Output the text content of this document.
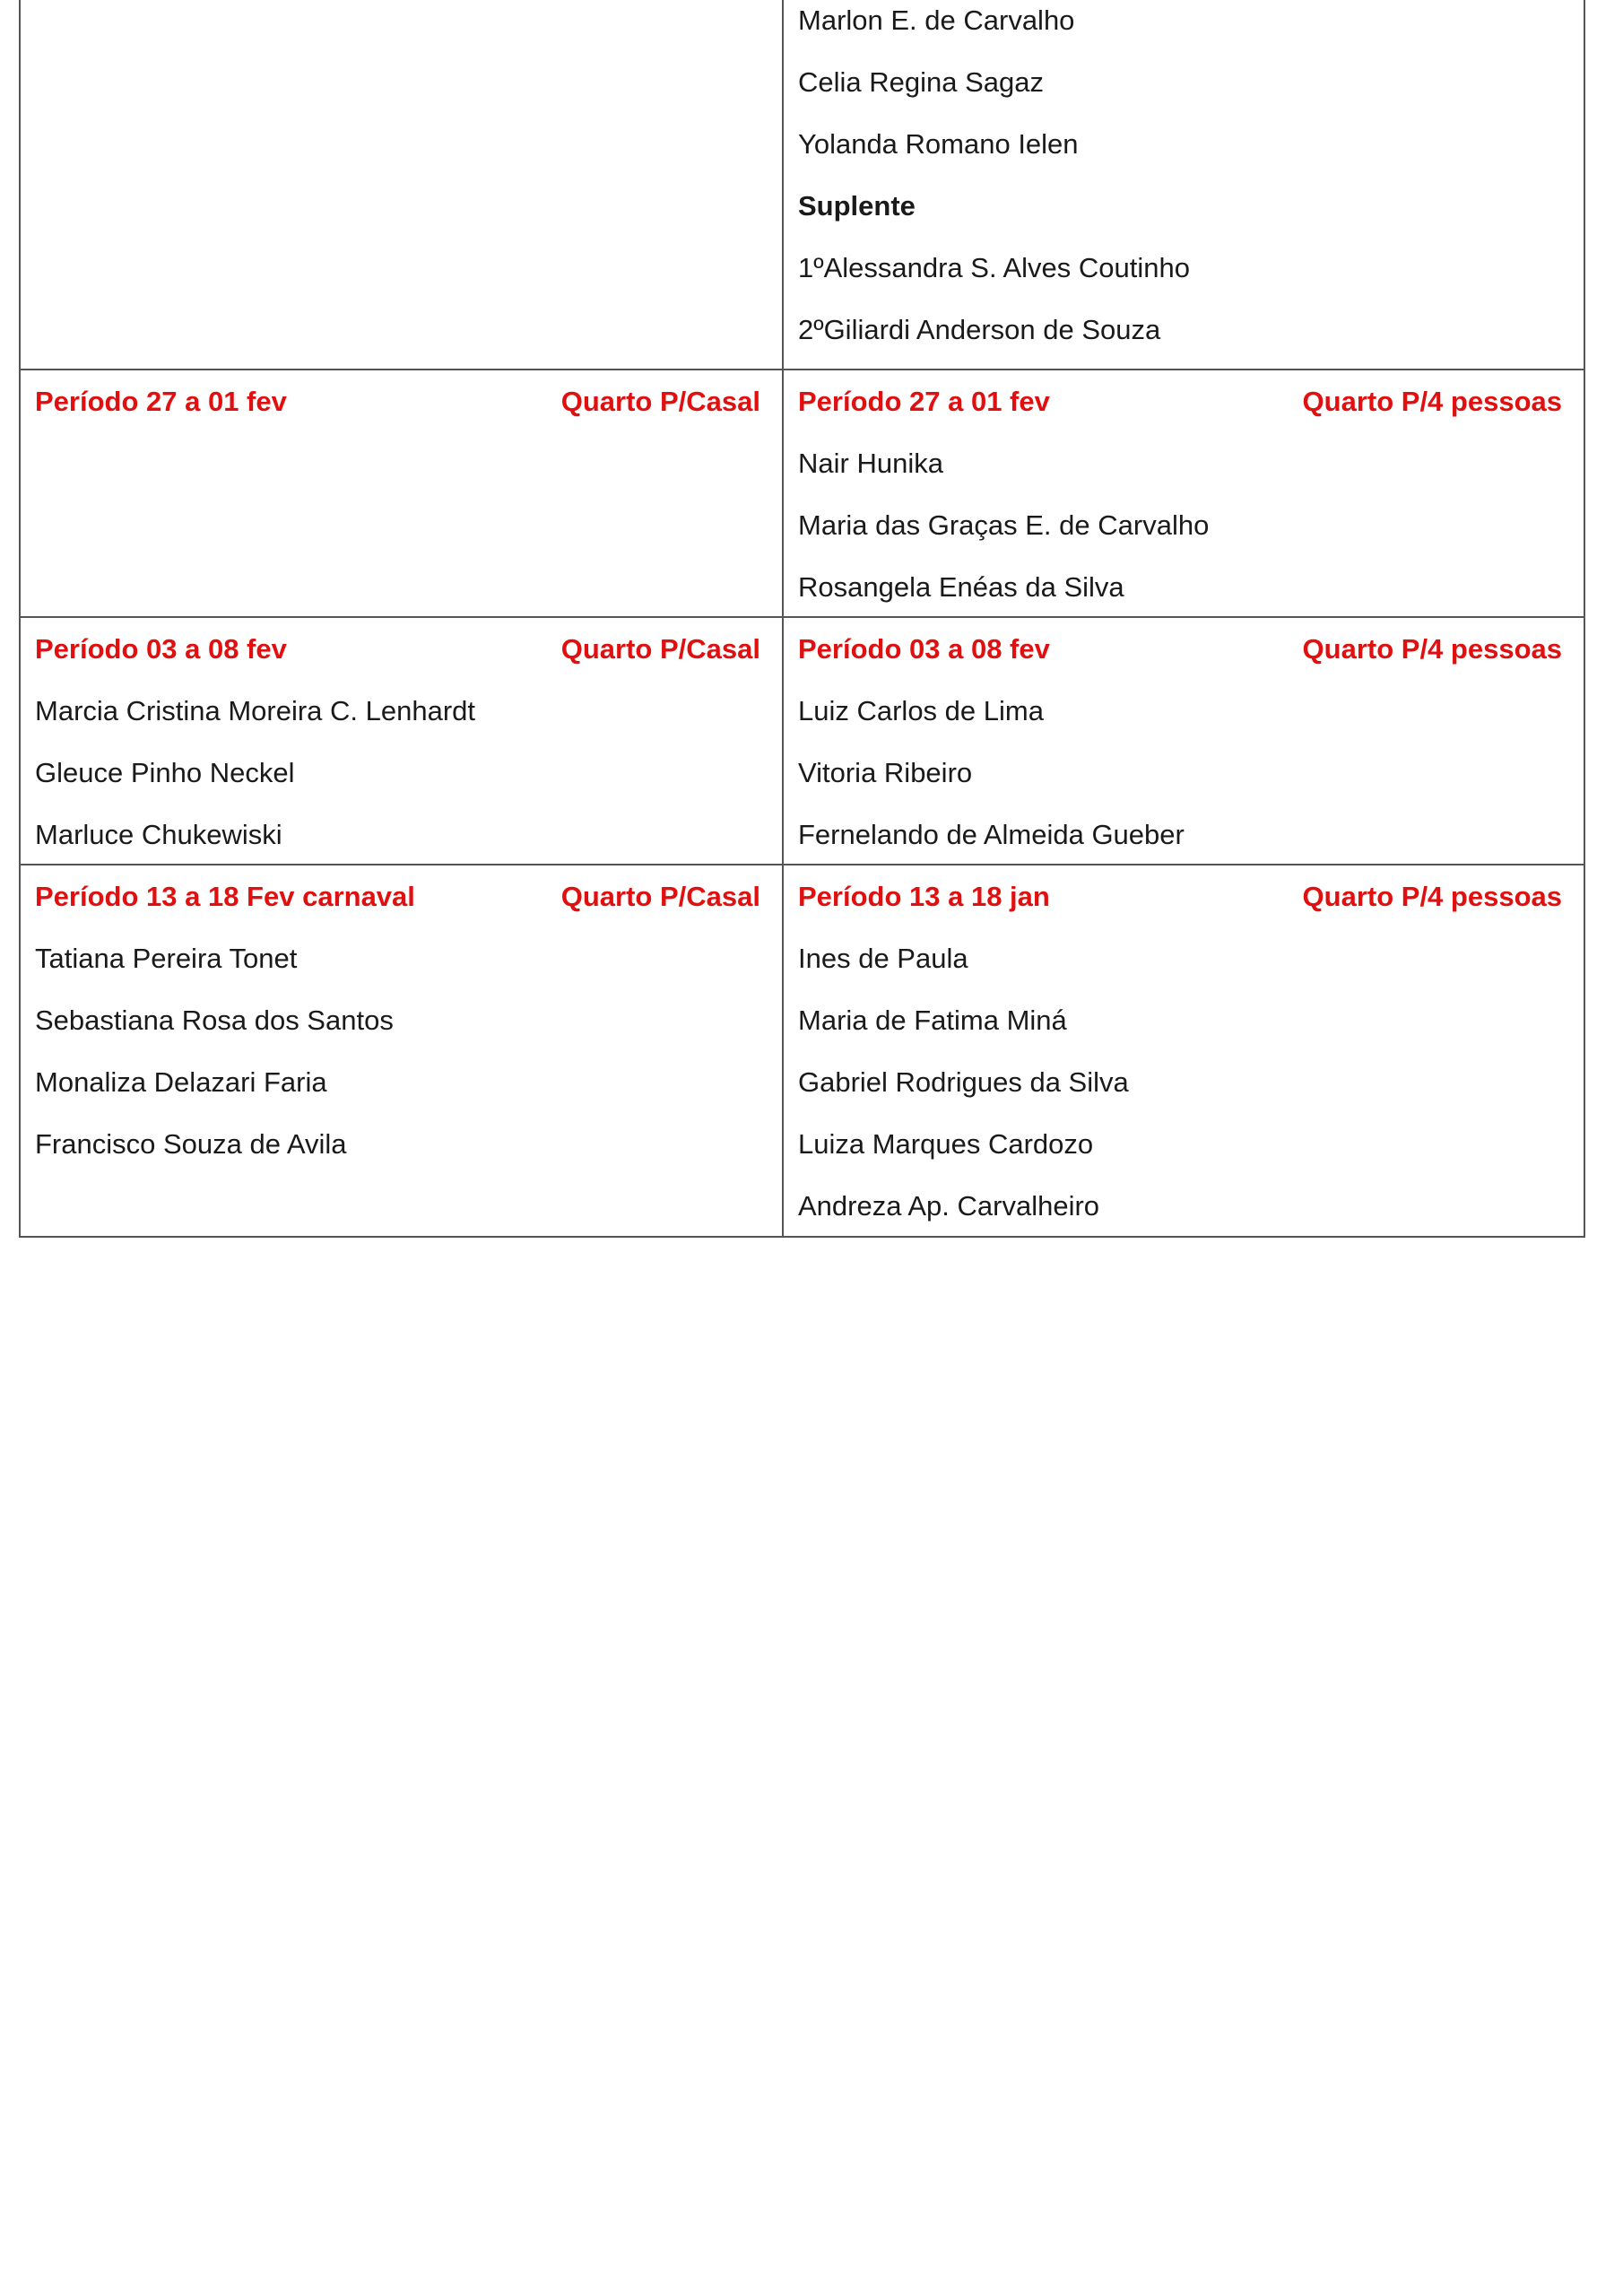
Marlon E. de Carvalho
Celia Regina Sagaz
Yolanda Romano Ielen
Suplente
1ºAlessandra S. Alves Coutinho
2ºGiliardi Anderson de Souza
Período 27 a 01 fev	Quarto P/Casal Período 27 a 01 fev	Quarto P/4 pessoas
Nair Hunika
Maria das Graças E. de Carvalho
Rosangela Enéas da Silva
Período 03 a 08 fev	Quarto P/Casal
Marcia Cristina Moreira C. Lenhardt
Gleuce Pinho Neckel
Marluce Chukewiski
Período 03 a 08 fev	Quarto P/4 pessoas
Luiz Carlos de Lima
Vitoria Ribeiro
Fernelando de Almeida Gueber
Período 13 a 18 Fev carnaval	Quarto P/Casal
Tatiana Pereira Tonet
Sebastiana Rosa dos Santos
Monaliza Delazari Faria
Francisco Souza de Avila
Período 13 a 18 jan	Quarto P/4 pessoas
Ines de Paula
Maria de Fatima Miná
Gabriel Rodrigues da Silva
Luiza Marques Cardozo
Andreza Ap. Carvalheiro
